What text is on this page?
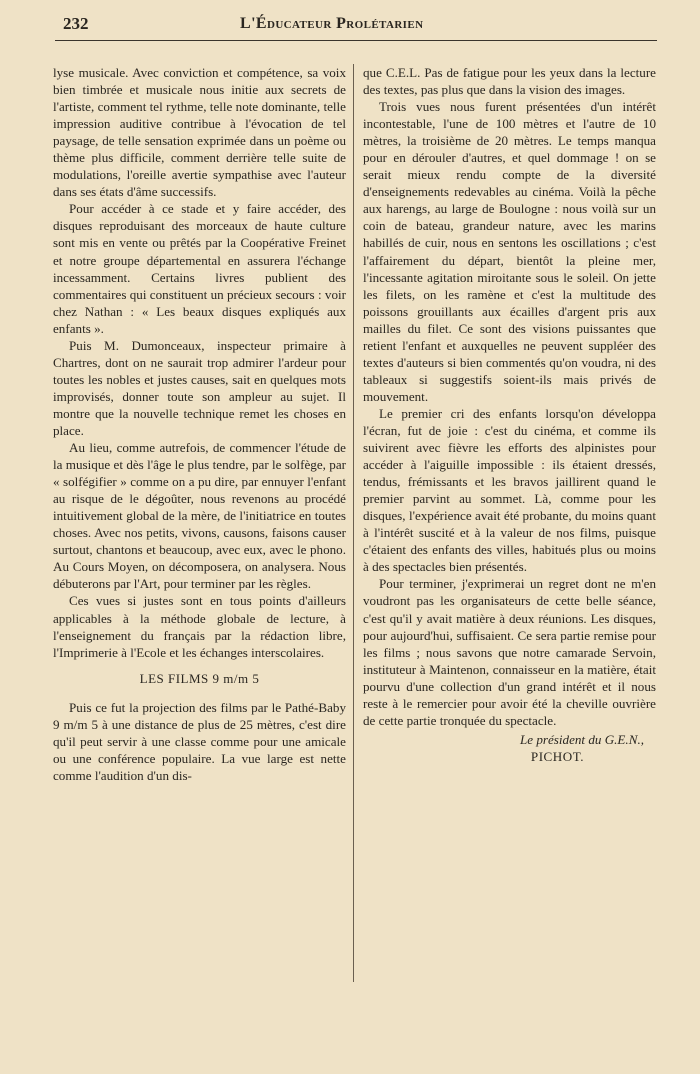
232	L'Éducateur Prolétarien

lyse musicale. Avec conviction et compétence, sa voix bien timbrée et musicale nous initie aux secrets de l'artiste, comment tel rythme, telle note dominante, telle impression auditive contribue à l'évocation de tel paysage, de telle sensation exprimée dans un poème ou thème plus difficile, comment derrière telle suite de modulations, l'oreille avertie sympathise avec l'auteur dans ses états d'âme successifs.

Pour accéder à ce stade et y faire accéder, des disques reproduisant des morceaux de haute culture sont mis en vente ou prêtés par la Coopérative Freinet et notre groupe départemental en assurera l'échange incessamment. Certains livres publient des commentaires qui constituent un précieux secours : voir chez Nathan : « Les beaux disques expliqués aux enfants ».

Puis M. Dumonceaux, inspecteur primaire à Chartres, dont on ne saurait trop admirer l'ardeur pour toutes les nobles et justes causes, sait en quelques mots improvisés, donner toute son ampleur au sujet. Il montre que la nouvelle technique remet les choses en place.

Au lieu, comme autrefois, de commencer l'étude de la musique et dès l'âge le plus tendre, par le solfège, par « solfégifier » comme on a pu dire, par ennuyer l'enfant au risque de le dégoûter, nous revenons au procédé intuitivement global de la mère, de l'initiatrice en toutes choses. Avec nos petits, vivons, causons, faisons causer surtout, chantons et beaucoup, avec eux, avec le phono. Au Cours Moyen, on décomposera, on analysera. Nous débuterons par l'Art, pour terminer par les règles.

Ces vues si justes sont en tous points d'ailleurs applicables à la méthode globale de lecture, à l'enseignement du français par la rédaction libre, l'Imprimerie à l'Ecole et les échanges interscolaires.

LES FILMS 9 m/m 5

Puis ce fut la projection des films par le Pathé-Baby 9 m/m 5 à une distance de plus de 25 mètres, c'est dire qu'il peut servir à une classe comme pour une amicale ou une conférence populaire. La vue large est nette comme l'audition d'un dis-

que C.E.L. Pas de fatigue pour les yeux dans la lecture des textes, pas plus que dans la vision des images.

Trois vues nous furent présentées d'un intérêt incontestable, l'une de 100 mètres et l'autre de 10 mètres, la troisième de 20 mètres. Le temps manqua pour en dérouler d'autres, et quel dommage ! on se serait mieux rendu compte de la diversité d'enseignements redevables au cinéma. Voilà la pêche aux harengs, au large de Boulogne : nous voilà sur un coin de bateau, grandeur nature, avec les marins habillés de cuir, nous en sentons les oscillations ; c'est l'affairement du départ, bientôt la pleine mer, l'incessante agitation miroitante sous le soleil. On jette les filets, on les ramène et c'est la multitude des poissons grouillants aux écailles d'argent pris aux mailles du filet. Ce sont des visions puissantes que retient l'enfant et auxquelles ne peuvent suppléer des textes d'auteurs si bien commentés qu'on voudra, ni des tableaux si suggestifs soient-ils mais privés de mouvement.

Le premier cri des enfants lorsqu'on développa l'écran, fut de joie : c'est du cinéma, et comme ils suivirent avec fièvre les efforts des alpinistes pour accéder à l'aiguille impossible : ils étaient dressés, tendus, frémissants et les bravos jaillirent quand le premier parvint au sommet. Là, comme pour les disques, l'expérience avait été probante, du moins quant à l'intérêt suscité et à la valeur de nos films, puisque c'étaient des enfants des villes, habitués plus ou moins à des spectacles bien présentés.

Pour terminer, j'exprimerai un regret dont ne m'en voudront pas les organisateurs de cette belle séance, c'est qu'il y avait matière à deux réunions. Les disques, pour aujourd'hui, suffisaient. Ce sera partie remise pour les films ; nous savons que notre camarade Servoin, instituteur à Maintenon, connaisseur en la matière, était pourvu d'une collection d'un grand intérêt et il nous reste à le remercier pour avoir été la cheville ouvrière de cette partie tronquée du spectacle.

Le président du G.E.N.,

PICHOT.
